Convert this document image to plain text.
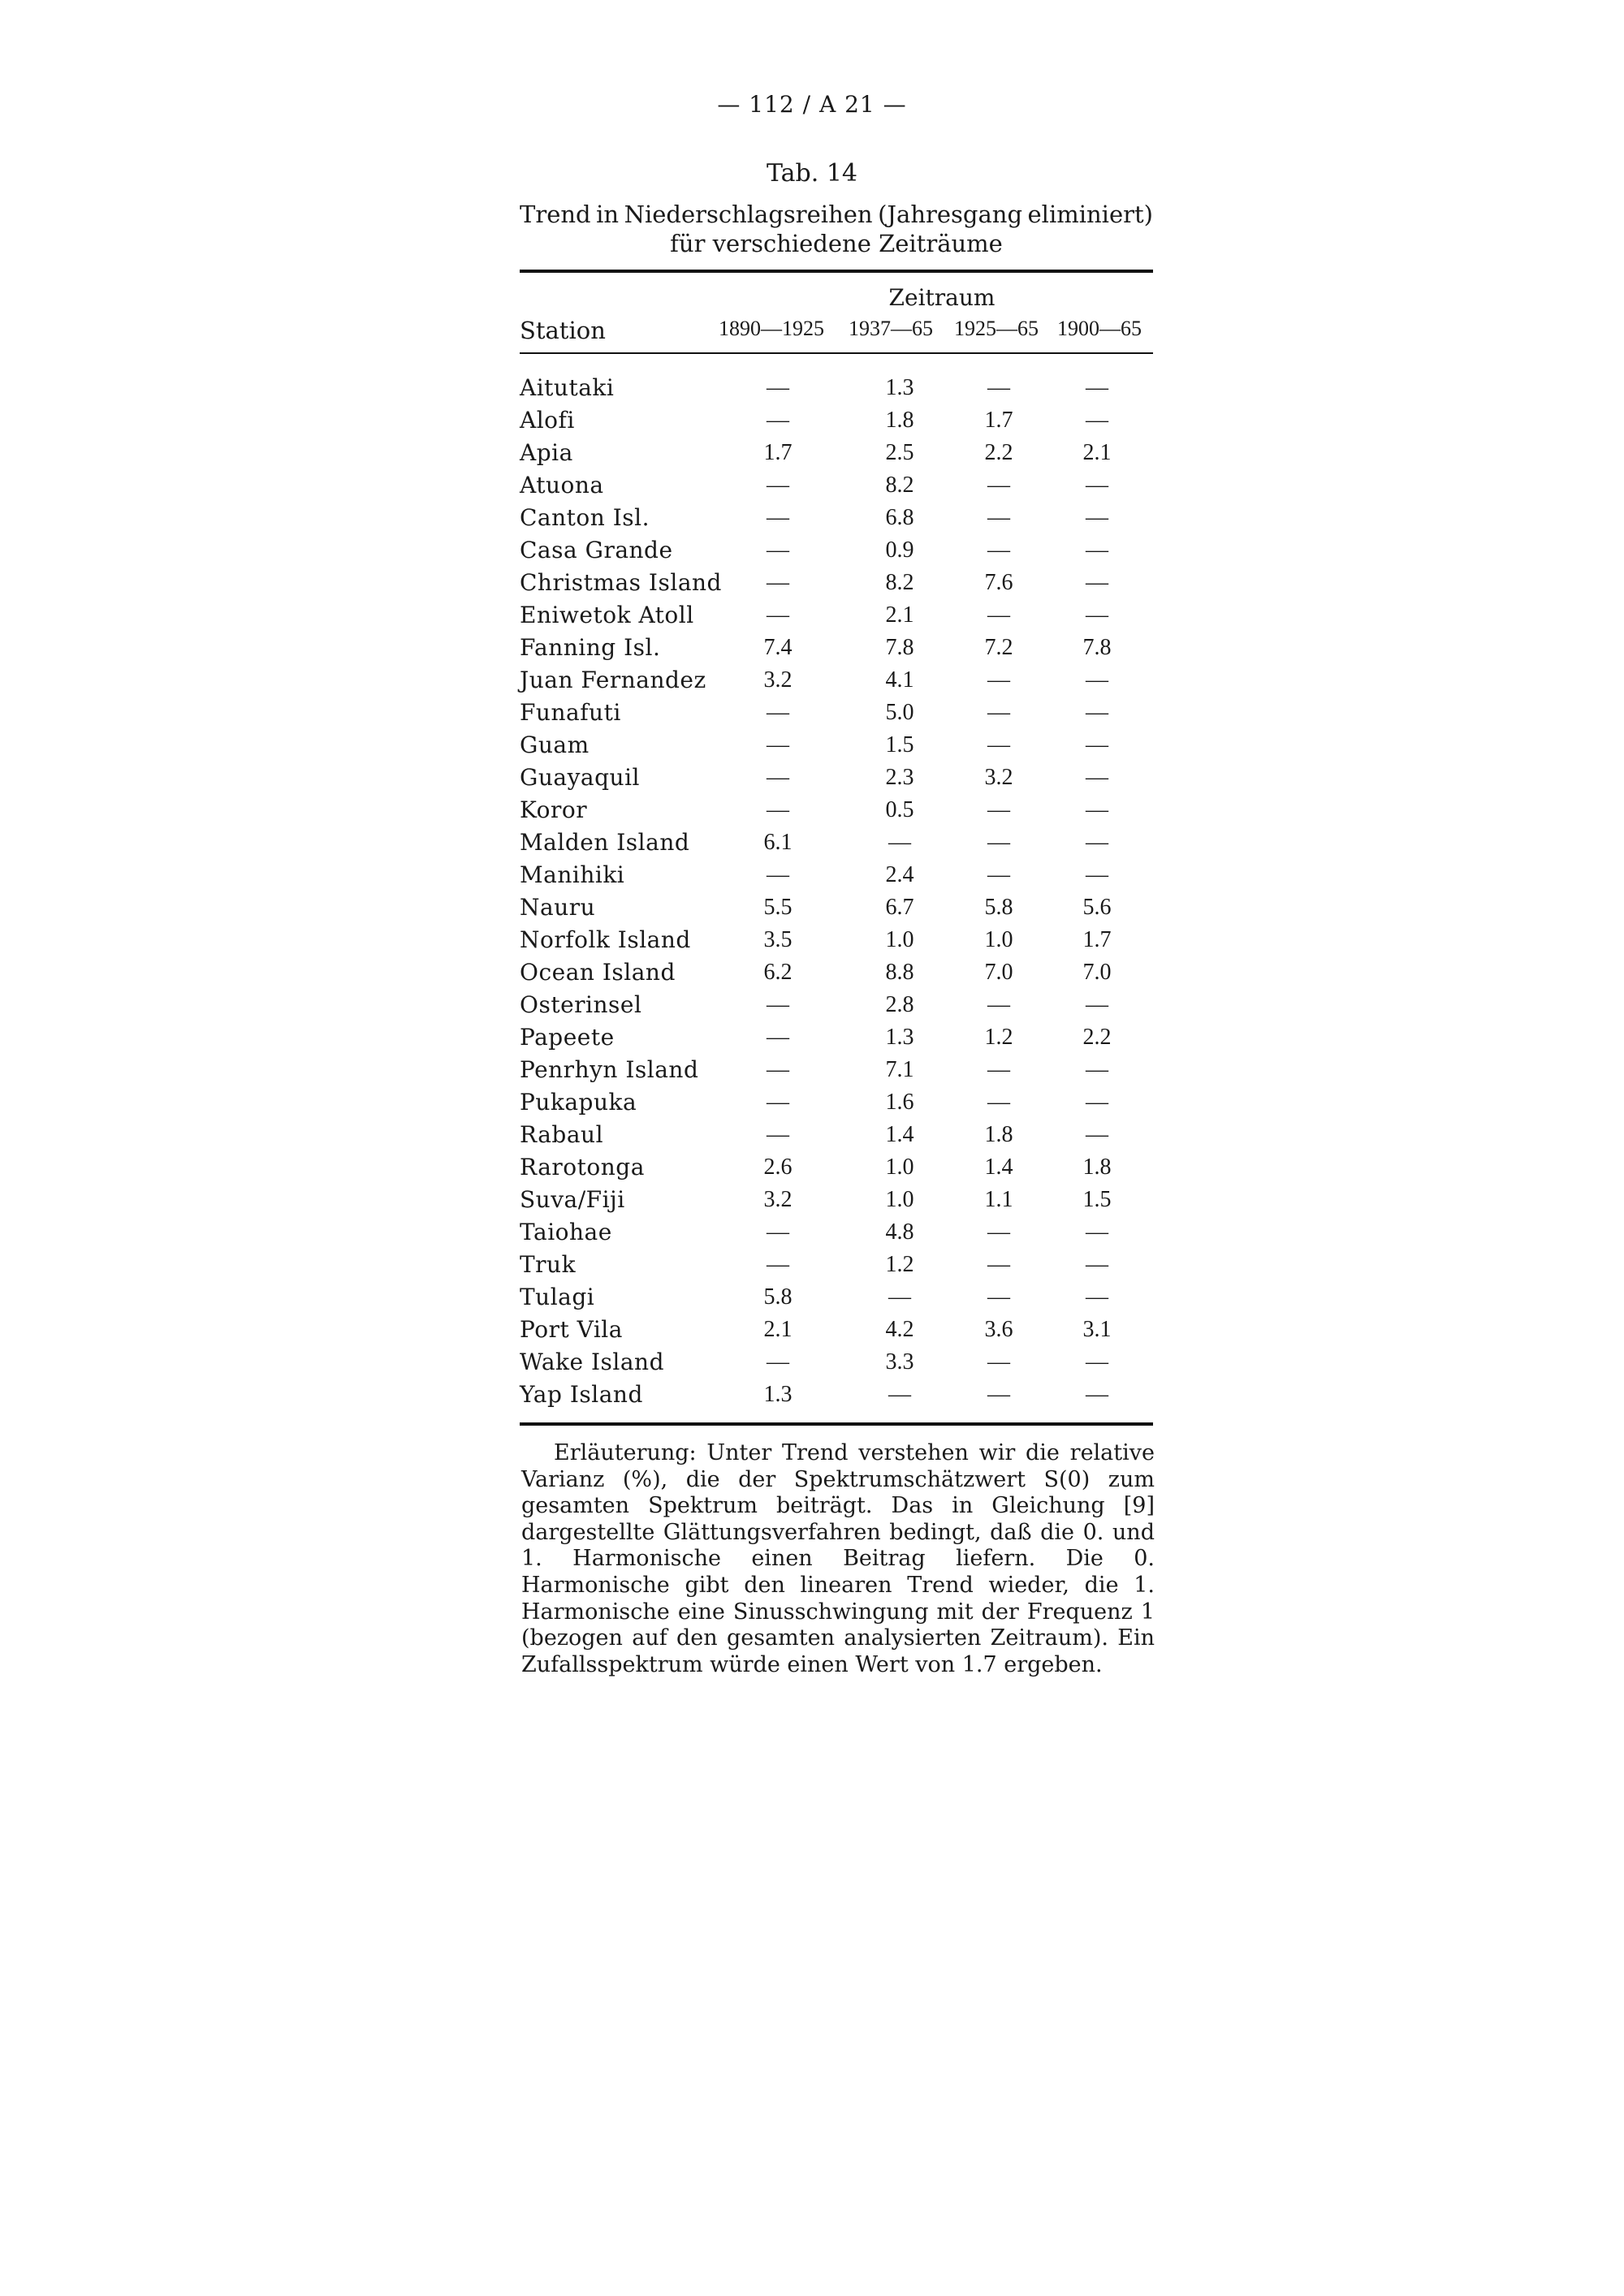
— 112 / A 21 —
Tab. 14
Trend in Niederschlagsreihen (Jahresgang eliminiert)
für verschiedene Zeiträume
Zeitraum
Station	1890—1925 1937—65 1925—65 1900—65
Aitutaki	—	1.3	—	—
Alofi	—	1.8	1.7	—
Apia	1.7	2.5	2.2	2.1
Atuona	—	8.2	—	—
Canton Isl.	—	6.8	—	—
Casa Grande	—	0.9	—	—
Christmas Island	—	8.2	7.6	—
Eniwetok Atoll	—	2.1	—	—
Fanning Isl.	7.4	7.8	7.2	7.8
Juan Fernandez	3.2	4.1	—	—
Funafuti	—	5.0	—	—
Guam	—	1.5	—	—
Guayaquil	—	2.3	3.2	—
Koror	—	0.5	—	—
Malden Island	6.1	—	—	—
Manihiki	—	2.4	—	—
Nauru	5.5	6.7	5.8	5.6
Norfolk Island	3.5	1.0	1.0	1.7
Ocean Island	6.2	8.8	7.0	7.0
Osterinsel	—	2.8	—	—
Papeete	—	1.3	1.2	2.2
Penrhyn Island	—	7.1	—	—
Pukapuka	—	1.6	—	—
Rabaul	—	1.4	1.8	—
Rarotonga	2.6	1.0	1.4	1.8
Suva/Fiji	3.2	1.0	1.1	1.5
Taiohae	—	4.8	—	—
Truk	—	1.2	—	—
Tulagi	5.8	—	—	—
Port Vila	2.1	4.2	3.6	3.1
Wake Island	—	3.3	—	—
Yap Island	1.3	—	—	—

Erläuterung: Unter Trend verstehen wir die relative Varianz (%), die der Spektrumschätzwert S(0) zum gesamten Spektrum beiträgt. Das in Gleichung [9] dargestellte Glättungsverfahren bedingt, daß die 0. und 1. Harmonische einen Beitrag liefern. Die 0. Harmonische gibt den linearen Trend wieder, die 1. Harmonische eine Sinusschwingung mit der Frequenz 1 (bezogen auf den gesamten analysierten Zeitraum). Ein Zufallsspektrum würde einen Wert von 1.7 ergeben.
